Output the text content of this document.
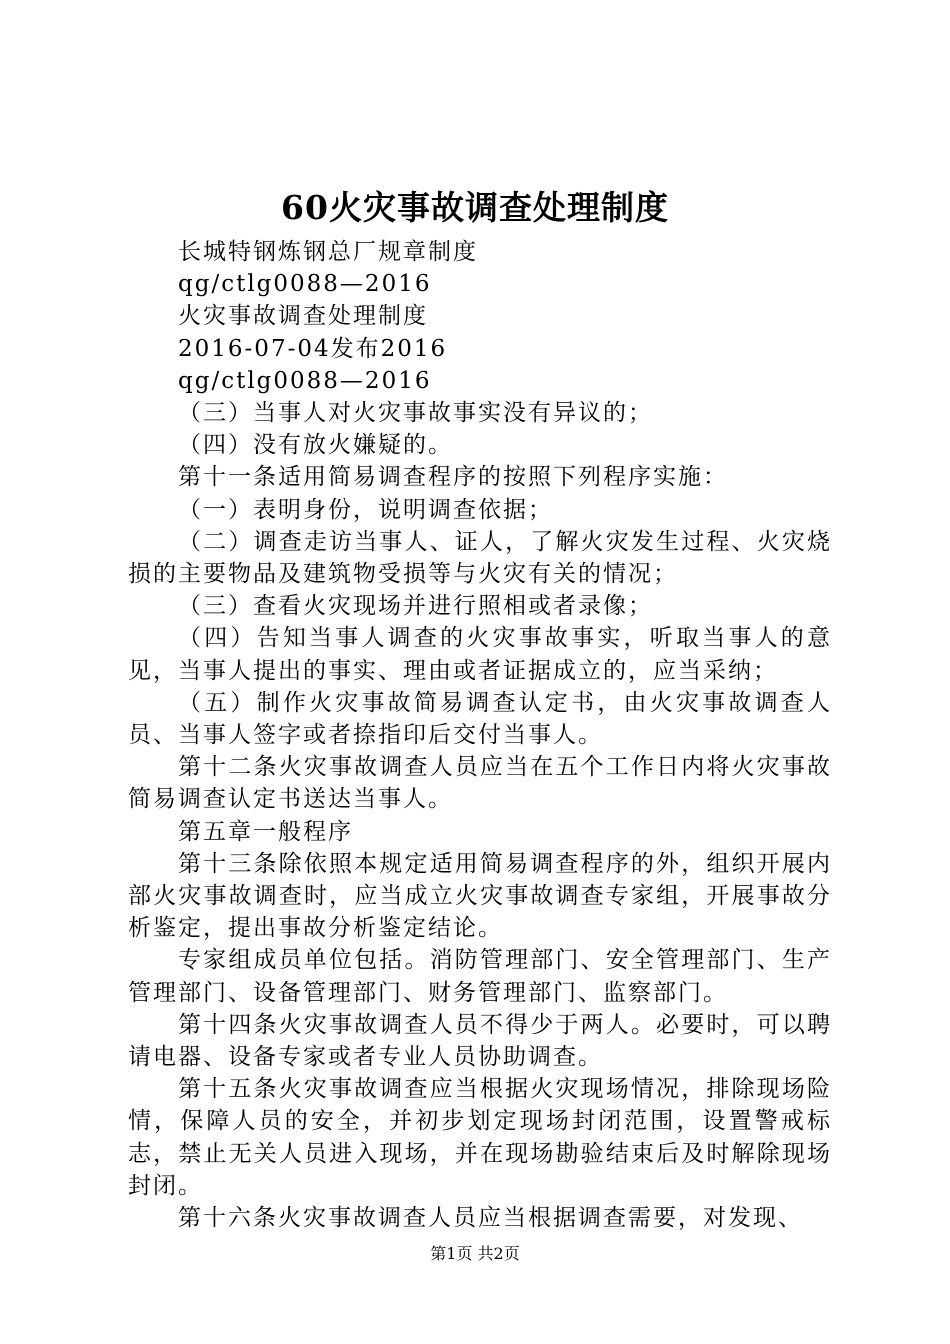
60火灾事故调查处理制度

长城特钢炼钢总厂规章制度

qg/ctlg0088—2016

火灾事故调查处理制度

2016-07-04发布2016

qg/ctlg0088—2016

（三）当事人对火灾事故事实没有异议的；

（四）没有放火嫌疑的。

第十一条适用简易调查程序的按照下列程序实施：

（一）表明身份，说明调查依据；

（二）调查走访当事人、证人，了解火灾发生过程、火灾烧损的主要物品及建筑物受损等与火灾有关的情况；

（三）查看火灾现场并进行照相或者录像；

（四）告知当事人调查的火灾事故事实，听取当事人的意见，当事人提出的事实、理由或者证据成立的，应当采纳；

（五）制作火灾事故简易调查认定书，由火灾事故调查人员、当事人签字或者捺指印后交付当事人。

第十二条火灾事故调查人员应当在五个工作日内将火灾事故简易调查认定书送达当事人。

第五章一般程序

第十三条除依照本规定适用简易调查程序的外，组织开展内部火灾事故调查时，应当成立火灾事故调查专家组，开展事故分析鉴定，提出事故分析鉴定结论。

专家组成员单位包括。消防管理部门、安全管理部门、生产管理部门、设备管理部门、财务管理部门、监察部门。

第十四条火灾事故调查人员不得少于两人。必要时，可以聘请电器、设备专家或者专业人员协助调查。

第十五条火灾事故调查应当根据火灾现场情况，排除现场险情，保障人员的安全，并初步划定现场封闭范围，设置警戒标志，禁止无关人员进入现场，并在现场勘验结束后及时解除现场封闭。

第十六条火灾事故调查人员应当根据调查需要，对发现、

第1页 共2页
